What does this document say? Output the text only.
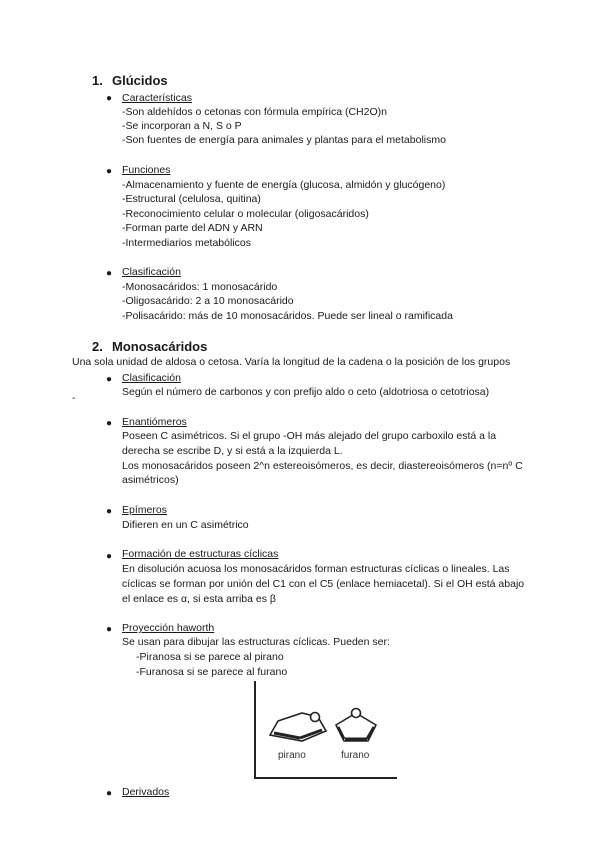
1. Glúcidos
● Características
-Son aldehídos o cetonas con fórmula empírica (CH2O)n
-Se incorporan a N, S o P
-Son fuentes de energía para animales y plantas para el metabolismo
● Funciones
-Almacenamiento y fuente de energía (glucosa, almidón y glucógeno)
-Estructural (celulosa, quitina)
-Reconocimiento celular o molecular (oligosacáridos)
-Forman parte del ADN y ARN
-Intermediarios metabólicos
● Clasificación
-Monosacáridos: 1 monosacárido
-Oligosacárido: 2 a 10 monosacárido
-Polisacárido: más de 10 monosacáridos. Puede ser lineal o ramificada
2. Monosacáridos
Una sola unidad de aldosa o cetosa. Varía la longitud de la cadena o la posición de los grupos
● Clasificación
Según el número de carbonos y con prefijo aldo o ceto (aldotriosa o cetotriosa)
-
● Enantiómeros
Poseen C asimétricos. Si el grupo -OH más alejado del grupo carboxilo está a la
derecha se escribe D, y si está a la izquierda L.
Los monosacáridos poseen 2^n estereoisómeros, es decir, diastereoisómeros (n=nº C
asimétricos)
● Epímeros
Difieren en un C asimétrico
● Formación de estructuras cíclicas
En disolución acuosa los monosacáridos forman estructuras cíclicas o lineales. Las
cíclicas se forman por unión del C1 con el C5 (enlace hemiacetal). Si el OH está abajo
el enlace es α, si esta arriba es β
● Proyección haworth
Se usan para dibujar las estructuras cíclicas. Pueden ser:
-Piranosa si se parece al pirano
-Furanosa si se parece al furano
pirano	furano
● Derivados
